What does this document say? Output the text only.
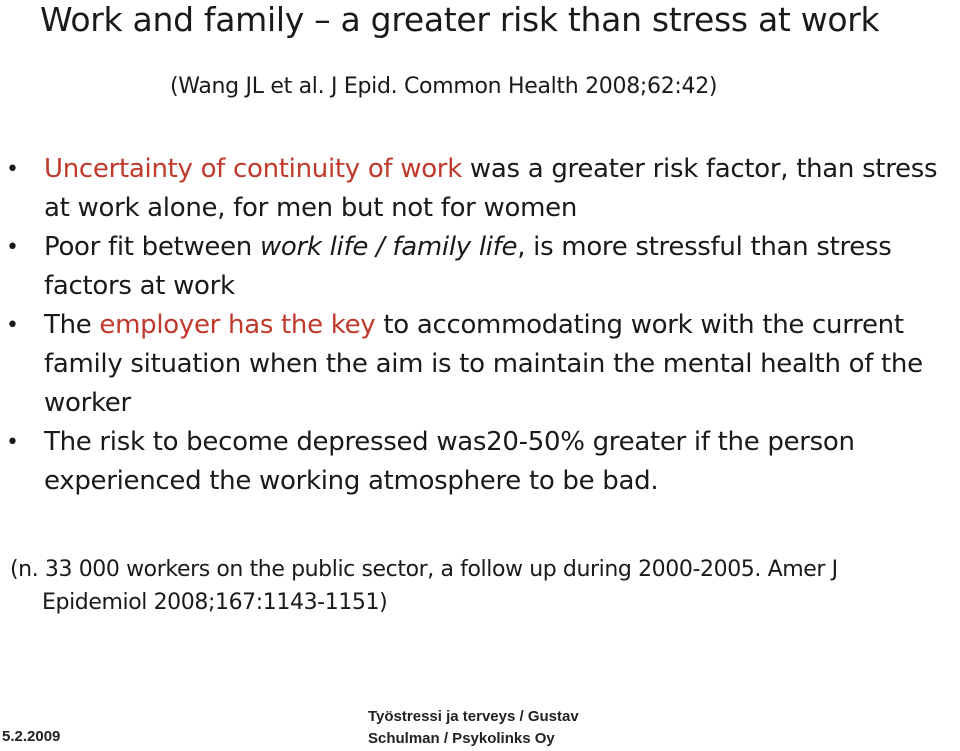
Work and family – a greater risk than stress at work
(Wang JL et al. J Epid. Common Health 2008;62:42)
• Uncertainty of continuity of work was a greater risk factor, than stress at work alone, for men but not for women
• Poor fit between work life / family life, is more stressful than stress factors at work
• The employer has the key to accommodating work with the current family situation when the aim is to maintain the mental health of the worker
• The risk to become depressed was20-50% greater if the person experienced the working atmosphere to be bad.
(n. 33 000 workers on the public sector, a follow up during 2000-2005. Amer J
Epidemiol 2008;167:1143-1151)
5.2.2009
Työstressi ja terveys / Gustav
Schulman / Psykolinks Oy
